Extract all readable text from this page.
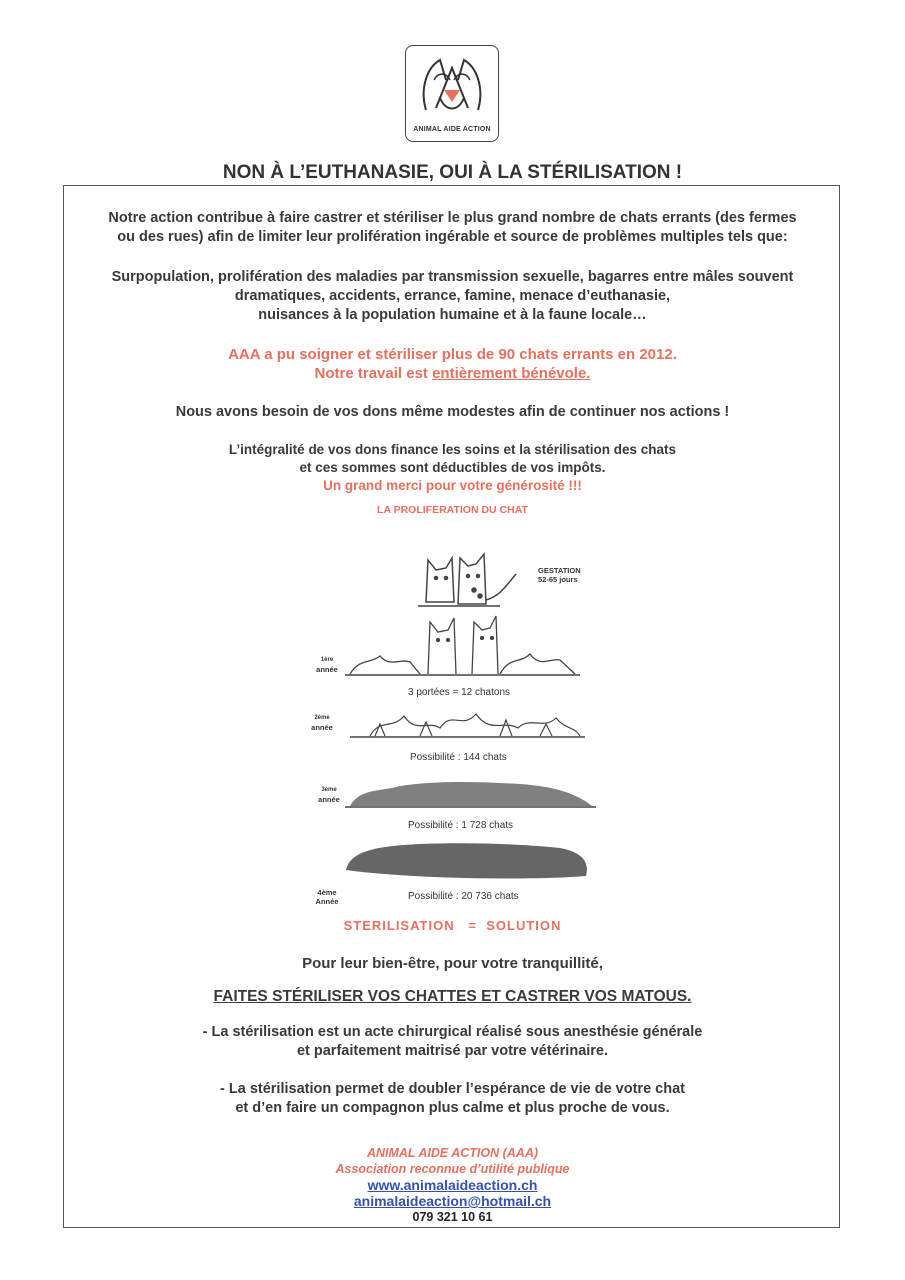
ANIMAL AIDE ACTION
NON À L’EUTHANASIE, OUI À LA STÉRILISATION !
Notre action contribue à faire castrer et stériliser le plus grand nombre de chats errants (des fermes
ou des rues) afin de limiter leur prolifération ingérable et source de problèmes multiples tels que:
Surpopulation, prolifération des maladies par transmission sexuelle, bagarres entre mâles souvent
dramatiques, accidents, errance, famine, menace d’euthanasie,
nuisances à la population humaine et à la faune locale…
AAA a pu soigner et stériliser plus de 90 chats errants en 2012.
Notre travail est entièrement bénévole.
Nous avons besoin de vos dons même modestes afin de continuer nos actions !
L’intégralité de vos dons finance les soins et la stérilisation des chats
et ces sommes sont déductibles de vos impôts.
Un grand merci pour votre générosité !!!
LA PROLIFERATION DU CHAT
GESTATION
52-65 jours
1ère
année
3 portées = 12 chatons
2ème
année
Possibilité : 144 chats
3ème
année
Possibilité : 1 728 chats
4ème
Année	Possibilité : 20 736 chats
STERILISATION   =  SOLUTION
Pour leur bien-être, pour votre tranquillité,
FAITES STÉRILISER VOS CHATTES ET CASTRER VOS MATOUS.
- La stérilisation est un acte chirurgical réalisé sous anesthésie générale
et parfaitement maitrisé par votre vétérinaire.
- La stérilisation permet de doubler l’espérance de vie de votre chat
et d’en faire un compagnon plus calme et plus proche de vous.
ANIMAL AIDE ACTION (AAA)
Association reconnue d’utilité publique
www.animalaideaction.ch
animalaideaction@hotmail.ch
079 321 10 61
